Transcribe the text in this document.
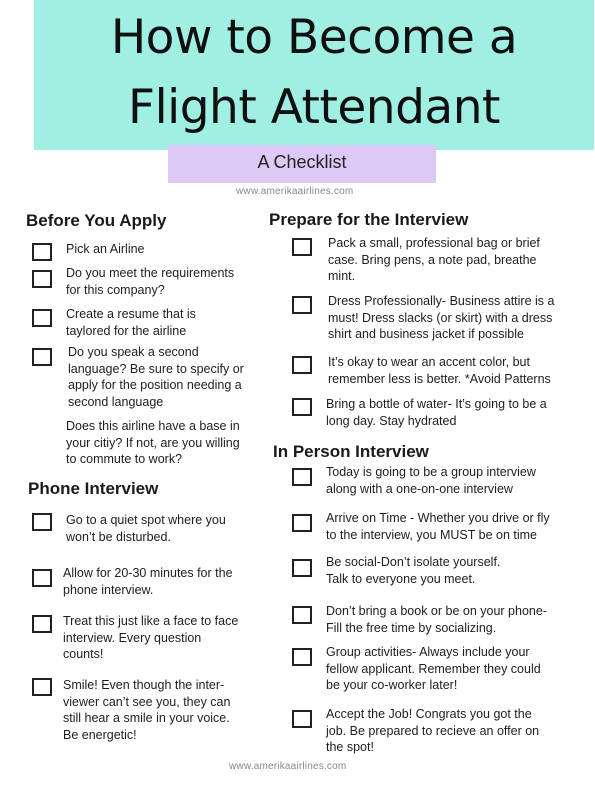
How to Become a
Flight Attendant
A Checklist
www.amerikaairlines.com
Before You Apply
Pick an Airline
Do you meet the requirements
for this company?
Create a resume that is
taylored for the airline
Do you speak a second
language? Be sure to specify or
apply for the position needing a
second language
Does this airline have a base in
your citiy? If not, are you willing
to commute to work?
Phone Interview
Go to a quiet spot where you
won’t be disturbed.
Allow for 20-30 minutes for the
phone interview.
Treat this just like a face to face
interview. Every question
counts!
Smile! Even though the inter-
viewer can’t see you, they can
still hear a smile in your voice.
Be energetic!
Prepare for the Interview
Pack a small, professional bag or brief
case. Bring pens, a note pad, breathe
mint.
Dress Professionally- Business attire is a
must! Dress slacks (or skirt) with a dress
shirt and business jacket if possible
It’s okay to wear an accent color, but
remember less is better. *Avoid Patterns
Bring a bottle of water- It’s going to be a
long day. Stay hydrated
In Person Interview
Today is going to be a group interview
along with a one-on-one interview
Arrive on Time - Whether you drive or fly
to the interview, you MUST be on time
Be social-Don’t isolate yourself.
Talk to everyone you meet.
Don’t bring a book or be on your phone-
Fill the free time by socializing.
Group activities- Always include your
fellow applicant. Remember they could
be your co-worker later!
Accept the Job! Congrats you got the
job. Be prepared to recieve an offer on
the spot!
www.amerikaairlines.com
